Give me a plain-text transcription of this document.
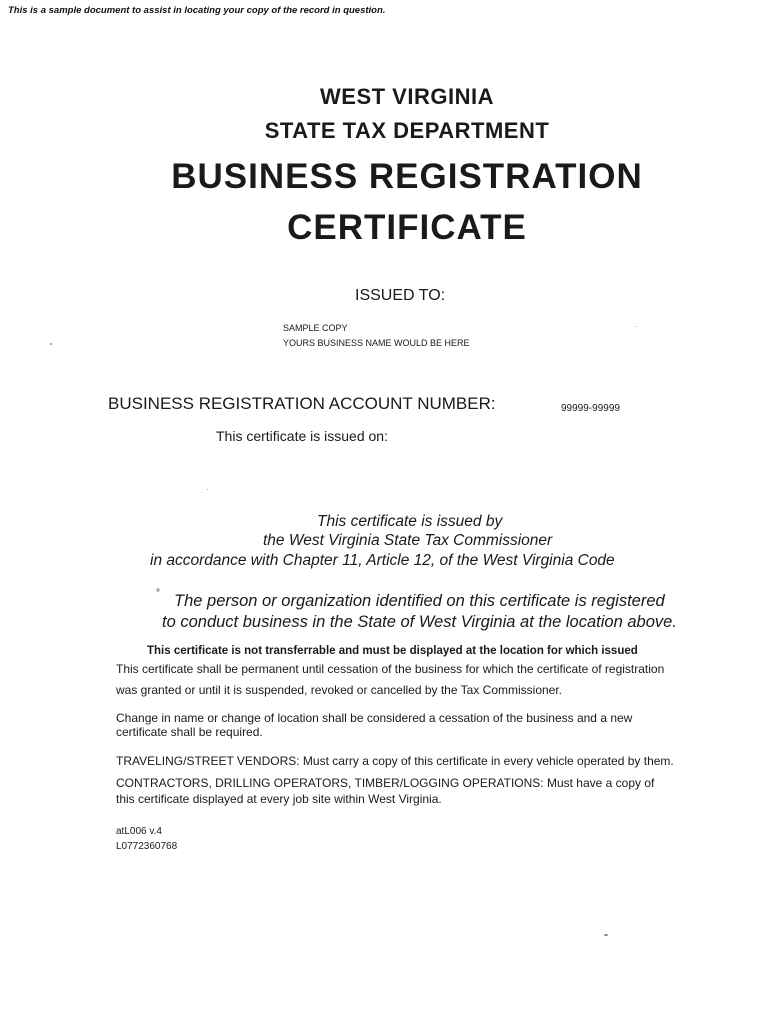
This is a sample document to assist in locating your copy of the record in question.
WEST VIRGINIA
STATE TAX DEPARTMENT
BUSINESS REGISTRATION
CERTIFICATE
ISSUED TO:
SAMPLE COPY
YOURS BUSINESS NAME WOULD BE HERE
BUSINESS REGISTRATION ACCOUNT NUMBER:	99999-99999
This certificate is issued on:
This certificate is issued by
the West Virginia State Tax Commissioner
in accordance with Chapter 11, Article 12, of the West Virginia Code
° The person or organization identified on this certificate is registered
to conduct business in the State of West Virginia at the location above.
This certificate is not transferrable and must be displayed at the location for which issued
This certificate shall be permanent until cessation of the business for which the certificate of registration
was granted or until it is suspended, revoked or cancelled by the Tax Commissioner.
Change in name or change of location shall be considered a cessation of the business and a new
certificate shall be required.
TRAVELING/STREET VENDORS: Must carry a copy of this certificate in every vehicle operated by them.
CONTRACTORS, DRILLING OPERATORS, TIMBER/LOGGING OPERATIONS: Must have a copy of
this certificate displayed at every job site within West Virginia.
atL006 v.4
L0772360768
